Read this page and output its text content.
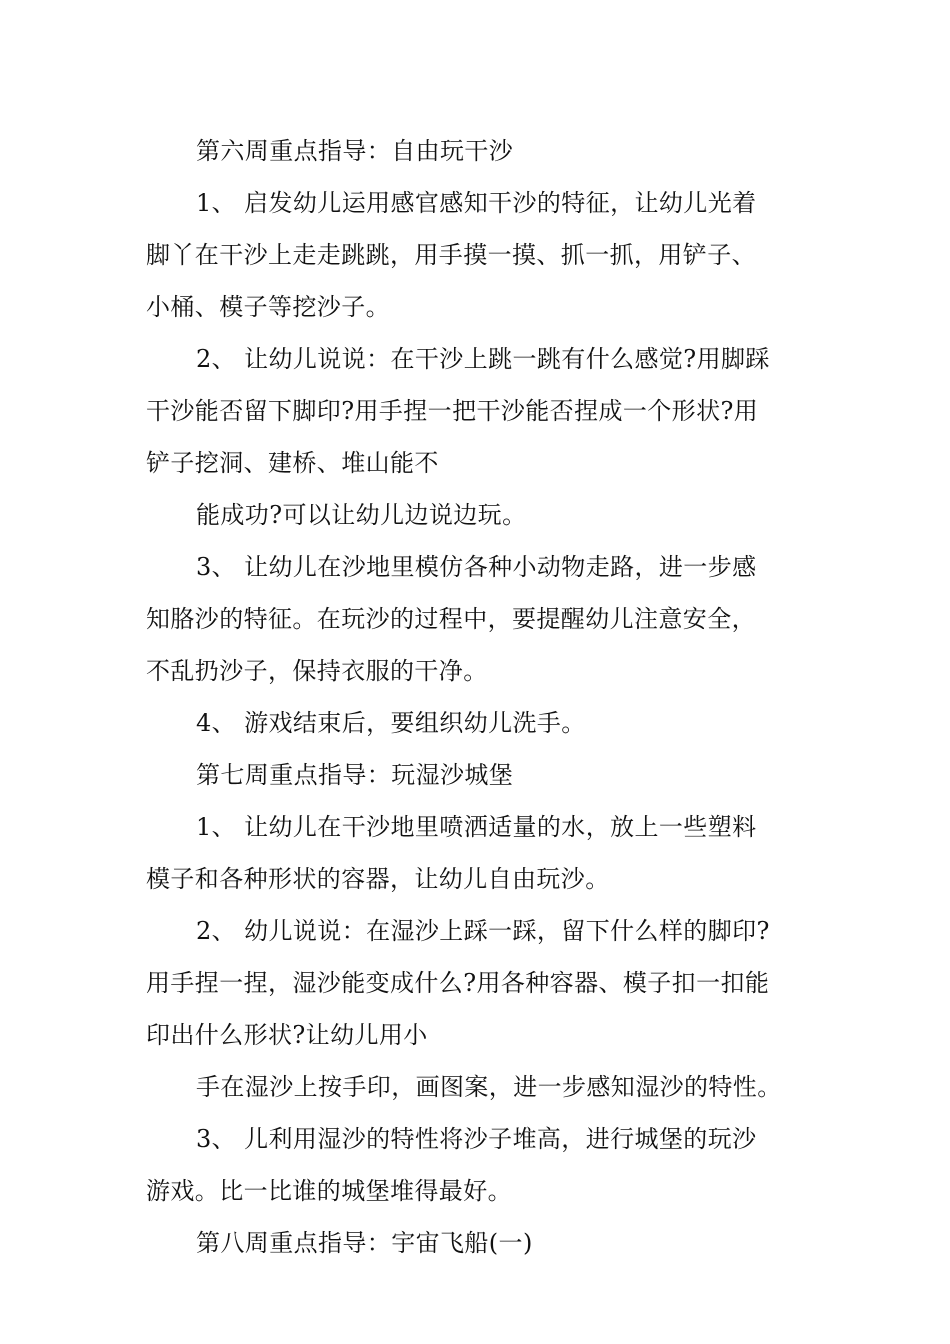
第六周重点指导：自由玩干沙
1、 启发幼儿运用感官感知干沙的特征，让幼儿光着
脚丫在干沙上走走跳跳，用手摸一摸、抓一抓，用铲子、
小桶、模子等挖沙子。
2、 让幼儿说说：在干沙上跳一跳有什么感觉?用脚踩
干沙能否留下脚印?用手捏一把干沙能否捏成一个形状?用
铲子挖洞、建桥、堆山能不
能成功?可以让幼儿边说边玩。
3、 让幼儿在沙地里模仿各种小动物走路，进一步感
知胳沙的特征。在玩沙的过程中，要提醒幼儿注意安全，
不乱扔沙子，保持衣服的干净。
4、 游戏结束后，要组织幼儿洗手。
第七周重点指导：玩湿沙城堡
1、 让幼儿在干沙地里喷洒适量的水，放上一些塑料
模子和各种形状的容器，让幼儿自由玩沙。
2、 幼儿说说：在湿沙上踩一踩，留下什么样的脚印?
用手捏一捏，湿沙能变成什么?用各种容器、模子扣一扣能
印出什么形状?让幼儿用小
手在湿沙上按手印，画图案，进一步感知湿沙的特性。
3、 儿利用湿沙的特性将沙子堆高，进行城堡的玩沙
游戏。比一比谁的城堡堆得最好。
第八周重点指导：宇宙飞船(一)
